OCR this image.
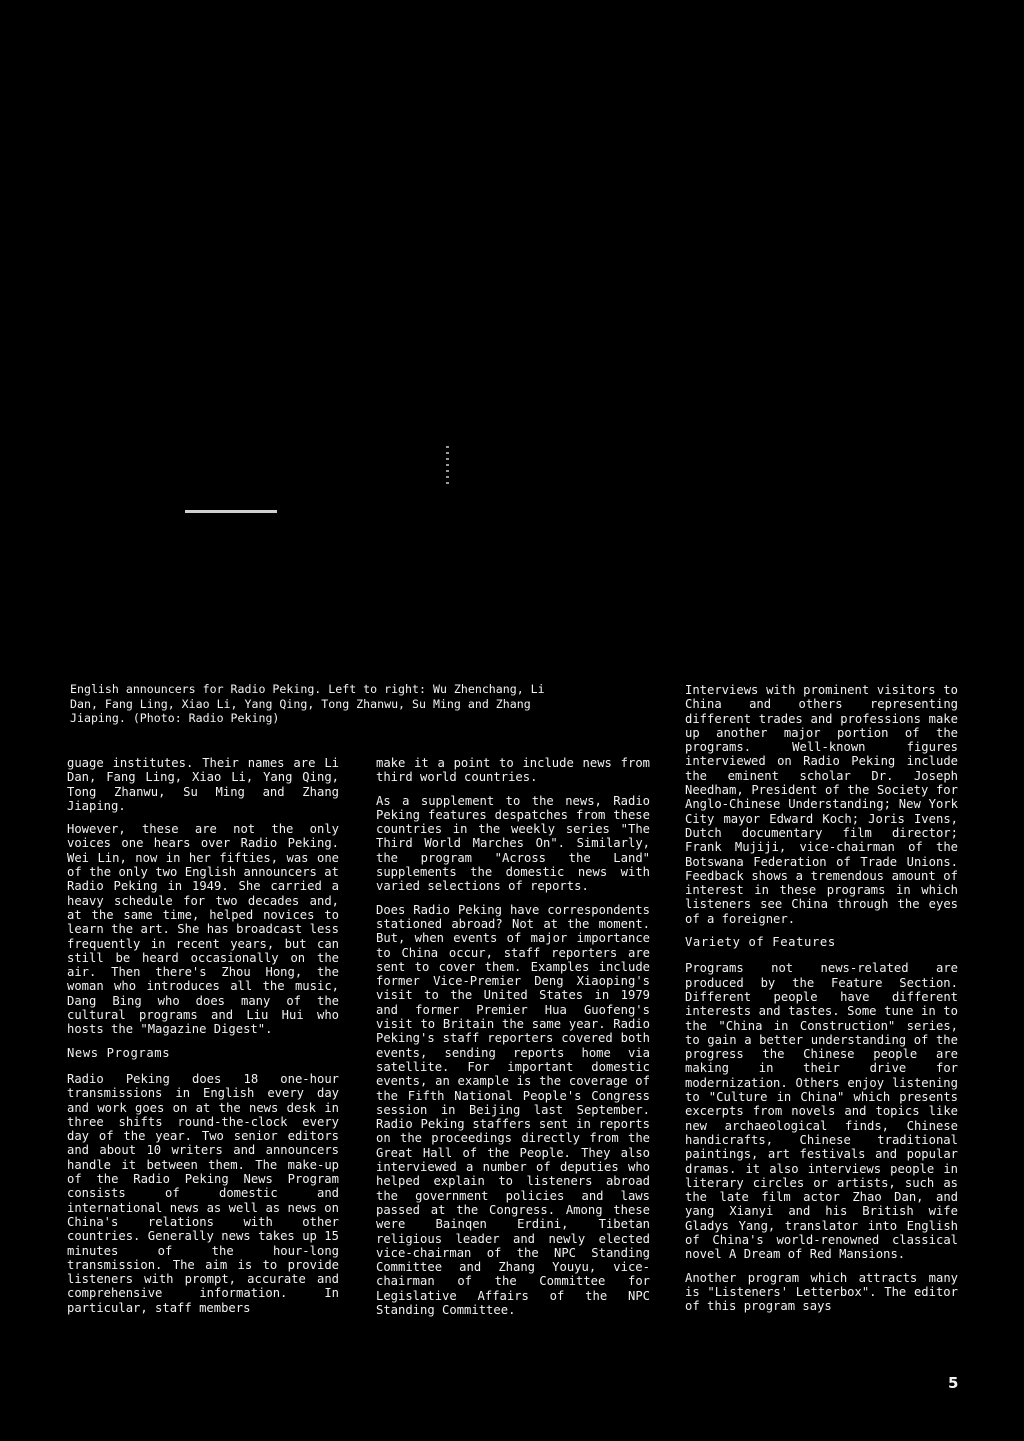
English announcers for Radio Peking. Left to right: Wu Zhenchang, Li Dan, Fang Ling, Xiao Li, Yang Qing, Tong Zhanwu, Su Ming and Zhang Jiaping. (Photo: Radio Peking)

guage institutes. Their names are Li Dan, Fang Ling, Xiao Li, Yang Qing, Tong Zhanwu, Su Ming and Zhang Jiaping.

However, these are not the only voices one hears over Radio Peking. Wei Lin, now in her fifties, was one of the only two English announcers at Radio Peking in 1949. She carried a heavy schedule for two decades and, at the same time, helped novices to learn the art. She has broadcast less frequently in recent years, but can still be heard occasionally on the air. Then there's Zhou Hong, the woman who introduces all the music, Dang Bing who does many of the cultural programs and Liu Hui who hosts the "Magazine Digest".

News Programs

Radio Peking does 18 one-hour transmissions in English every day and work goes on at the news desk in three shifts round-the-clock every day of the year. Two senior editors and about 10 writers and announcers handle it between them. The make-up of the Radio Peking News Program consists of domestic and international news as well as news on China's relations with other countries. Generally news takes up 15 minutes of the hour-long transmission. The aim is to provide listeners with prompt, accurate and comprehensive information. In particular, staff members

make it a point to include news from third world countries.

As a supplement to the news, Radio Peking features despatches from these countries in the weekly series "The Third World Marches On". Similarly, the program "Across the Land" supplements the domestic news with varied selections of reports.

Does Radio Peking have correspondents stationed abroad? Not at the moment. But, when events of major importance to China occur, staff reporters are sent to cover them. Examples include former Vice-Premier Deng Xiaoping's visit to the United States in 1979 and former Premier Hua Guofeng's visit to Britain the same year. Radio Peking's staff reporters covered both events, sending reports home via satellite. For important domestic events, an example is the coverage of the Fifth National People's Congress session in Beijing last September. Radio Peking staffers sent in reports on the proceedings directly from the Great Hall of the People. They also interviewed a number of deputies who helped explain to listeners abroad the government policies and laws passed at the Congress. Among these were Bainqen Erdini, Tibetan religious leader and newly elected vice-chairman of the NPC Standing Committee and Zhang Youyu, vice-chairman of the Committee for Legislative Affairs of the NPC Standing Committee.

Interviews with prominent visitors to China and others representing different trades and professions make up another major portion of the programs. Well-known figures interviewed on Radio Peking include the eminent scholar Dr. Joseph Needham, President of the Society for Anglo-Chinese Understanding; New York City mayor Edward Koch; Joris Ivens, Dutch documentary film director; Frank Mujiji, vice-chairman of the Botswana Federation of Trade Unions. Feedback shows a tremendous amount of interest in these programs in which listeners see China through the eyes of a foreigner.

Variety of Features

Programs not news-related are produced by the Feature Section. Different people have different interests and tastes. Some tune in to the "China in Construction" series, to gain a better understanding of the progress the Chinese people are making in their drive for modernization. Others enjoy listening to "Culture in China" which presents excerpts from novels and topics like new archaeological finds, Chinese handicrafts, Chinese traditional paintings, art festivals and popular dramas. it also interviews people in literary circles or artists, such as the late film actor Zhao Dan, and yang Xianyi and his British wife Gladys Yang, translator into English of China's world-renowned classical novel A Dream of Red Mansions.

Another program which attracts many is "Listeners' Letterbox". The editor of this program says

5
